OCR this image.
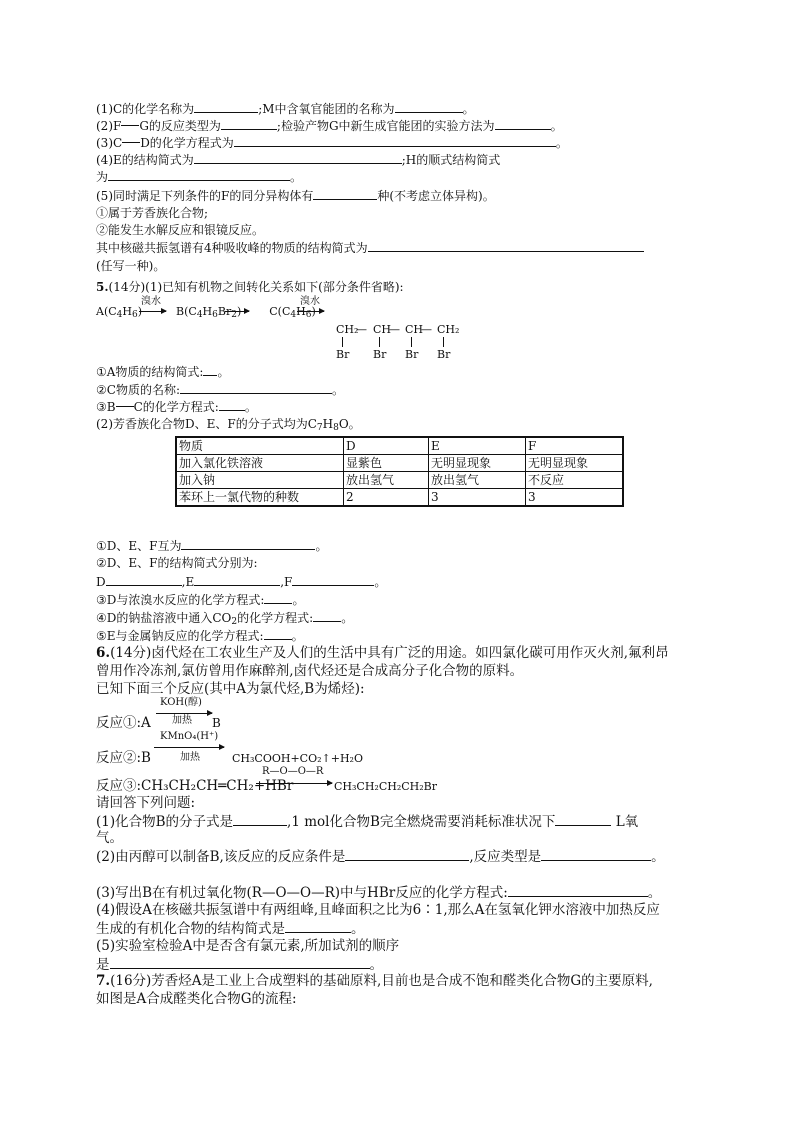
(1)C的化学名称为	;M中含氧官能团的名称为	。
(2)F G的反应类型为	;检验产物G中新生成官能团的实验方法为	。
(3)C D的化学方程式为	。
(4)E的结构简式为	;H的顺式结构简式
为	。
(5)同时满足下列条件的F的同分异构体有	种(不考虑立体异构)。
①属于芳香族化合物;
②能发生水解反应和银镜反应。
其中核磁共振氢谱有4种吸收峰的物质的结构简式为
(任写一种)。
5.(14分)(1)已知有机物之间转化关系如下(部分条件省略):
$A(C_4H_6)$	$B(C_4H_6Br_2)$	$C(C_4H_6)$
溴水	溴水
CH₂
— CH
— CH
— CH₂
Br Br Br Br
①A物质的结构简式: 。
②C物质的名称:	。
③B C的化学方程式: 。
(2)芳香族化合物D、E、F的分子式均为$C_7H_8O$。
物质	D	E	F
加入氯化铁溶液	显紫色	无明显现象	无明显现象
加入钠	放出氢气	放出氢气	不反应
苯环上一氯代物的种数	2	3	3
①D、E、F互为	。
②D、E、F的结构简式分别为:
D	,E	,F	。
③D与浓溴水反应的化学方程式: 。
④D的钠盐溶液中通入$CO_2$的化学方程式: 。
⑤E与金属钠反应的化学方程式: 。
6.(14分)卤代烃在工农业生产及人们的生活中具有广泛的用途。如四氯化碳可用作灭火剂,氟利昂
曾用作冷冻剂,氯仿曾用作麻醉剂,卤代烃还是合成高分子化合物的原料。
已知下面三个反应(其中A为氯代烃,B为烯烃):
反应①:A
KOH(醇)
加热 B
反应②:B
KMnO₄(H⁺)
加热	CH₃COOH+CO₂↑+H₂O
反应③:CH₃CH₂CH═CH₂+HBr
R—O—O—R
CH₃CH₂CH₂CH₂Br
请回答下列问题:
(1)化合物B的分子式是	,1 mol化合物B完全燃烧需要消耗标准状况下	L氧
气。
(2)由丙醇可以制备B,该反应的反应条件是	,反应类型是	。
(3)写出B在有机过氧化物(R—O—O—R)中与HBr反应的化学方程式:	。
(4)假设A在核磁共振氢谱中有两组峰,且峰面积之比为6∶1,那么A在氢氧化钾水溶液中加热反应
生成的有机化合物的结构简式是	。
(5)实验室检验A中是否含有氯元素,所加试剂的顺序
是	。
7.(16分)芳香烃A是工业上合成塑料的基础原料,目前也是合成不饱和醛类化合物G的主要原料,
如图是A合成醛类化合物G的流程:
